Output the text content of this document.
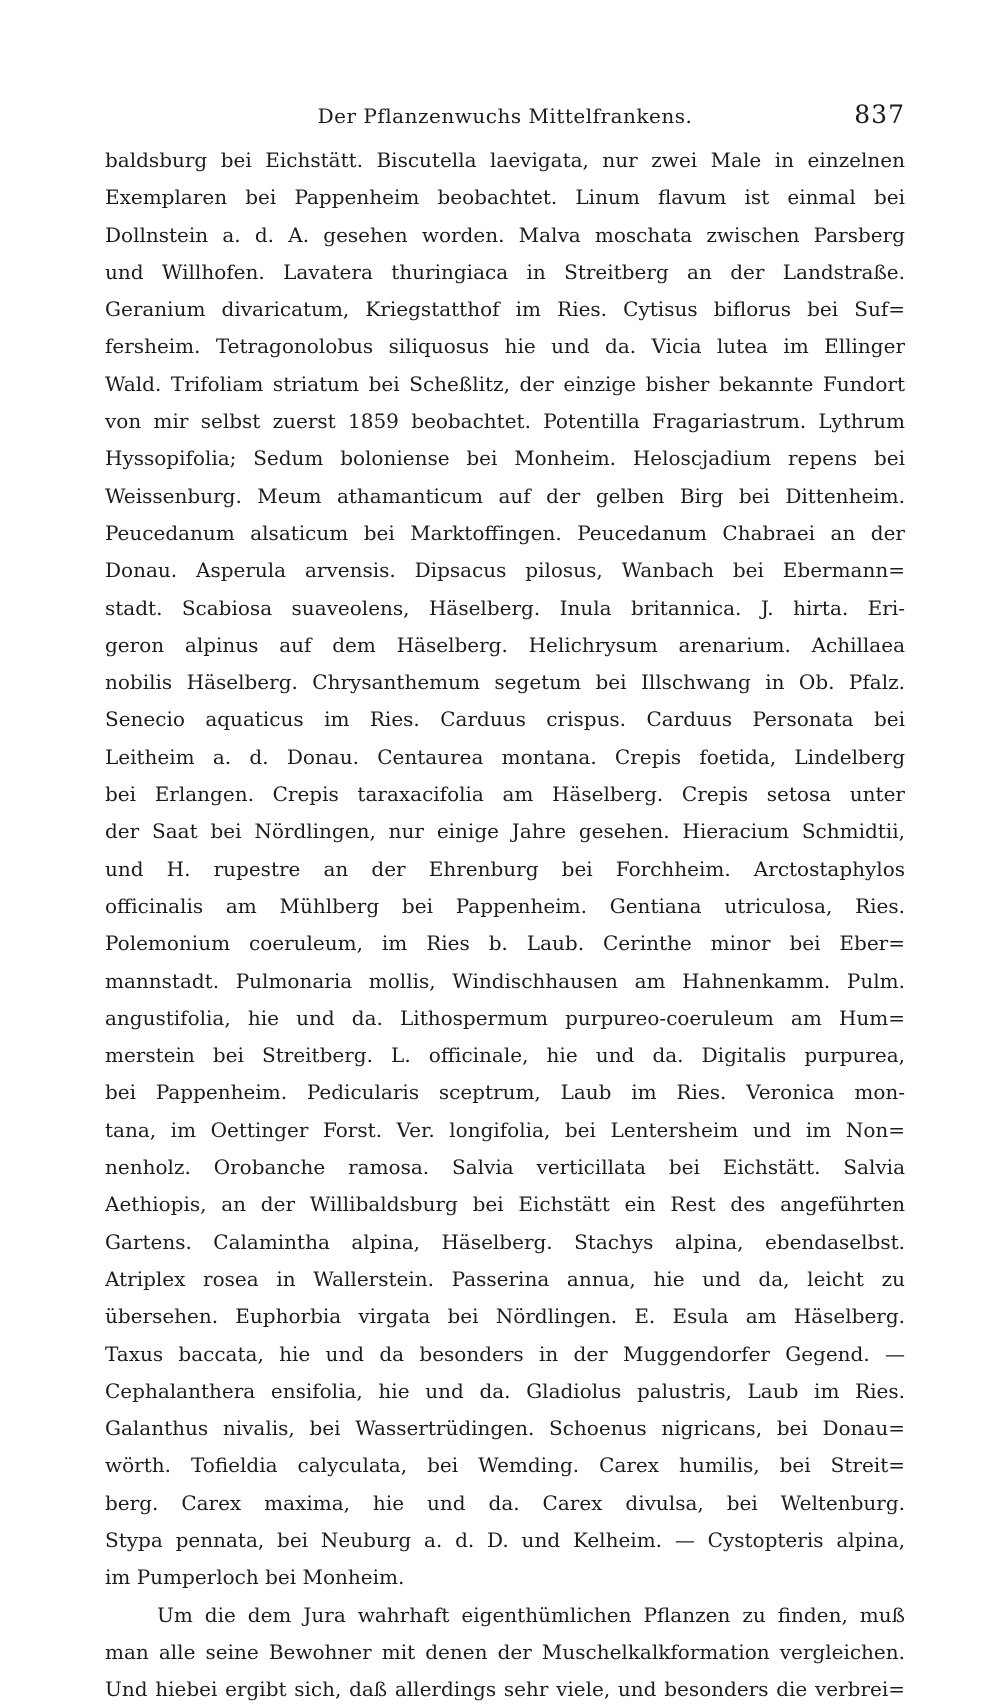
Der Pflanzenwuchs Mittelfrankens.	837
baldsburg bei Eichstätt. Biscutella laevigata, nur zwei Male in einzelnen
Exemplaren bei Pappenheim beobachtet. Linum flavum ist einmal bei
Dollnstein a. d. A. gesehen worden. Malva moschata zwischen Parsberg
und Willhofen. Lavatera thuringiaca in Streitberg an der Landstraße.
Geranium divaricatum, Kriegstatthof im Ries. Cytisus biflorus bei Suf=
fersheim. Tetragonolobus siliquosus hie und da. Vicia lutea im Ellinger
Wald. Trifoliam striatum bei Scheßlitz, der einzige bisher bekannte Fundort
von mir selbst zuerst 1859 beobachtet. Potentilla Fragariastrum. Lythrum
Hyssopifolia; Sedum boloniense bei Monheim. Heloscjadium repens bei
Weissenburg. Meum athamanticum auf der gelben Birg bei Dittenheim.
Peucedanum alsaticum bei Marktoffingen. Peucedanum Chabraei an der
Donau. Asperula arvensis. Dipsacus pilosus, Wanbach bei Ebermann=
stadt. Scabiosa suaveolens, Häselberg. Inula britannica. J. hirta. Eri-
geron alpinus auf dem Häselberg. Helichrysum arenarium. Achillaea
nobilis Häselberg. Chrysanthemum segetum bei Illschwang in Ob. Pfalz.
Senecio aquaticus im Ries. Carduus crispus. Carduus Personata bei
Leitheim a. d. Donau. Centaurea montana. Crepis foetida, Lindelberg
bei Erlangen. Crepis taraxacifolia am Häselberg. Crepis setosa unter
der Saat bei Nördlingen, nur einige Jahre gesehen. Hieracium Schmidtii,
und H. rupestre an der Ehrenburg bei Forchheim. Arctostaphylos
officinalis am Mühlberg bei Pappenheim. Gentiana utriculosa, Ries.
Polemonium coeruleum, im Ries b. Laub. Cerinthe minor bei Eber=
mannstadt. Pulmonaria mollis, Windischhausen am Hahnenkamm. Pulm.
angustifolia, hie und da. Lithospermum purpureo-coeruleum am Hum=
merstein bei Streitberg. L. officinale, hie und da. Digitalis purpurea,
bei Pappenheim. Pedicularis sceptrum, Laub im Ries. Veronica mon-
tana, im Oettinger Forst. Ver. longifolia, bei Lentersheim und im Non=
nenholz. Orobanche ramosa. Salvia verticillata bei Eichstätt. Salvia
Aethiopis, an der Willibaldsburg bei Eichstätt ein Rest des angeführten
Gartens. Calamintha alpina, Häselberg. Stachys alpina, ebendaselbst.
Atriplex rosea in Wallerstein. Passerina annua, hie und da, leicht zu
übersehen. Euphorbia virgata bei Nördlingen. E. Esula am Häselberg.
Taxus baccata, hie und da besonders in der Muggendorfer Gegend. —
Cephalanthera ensifolia, hie und da. Gladiolus palustris, Laub im Ries.
Galanthus nivalis, bei Wassertrüdingen. Schoenus nigricans, bei Donau=
wörth. Tofieldia calyculata, bei Wemding. Carex humilis, bei Streit=
berg. Carex maxima, hie und da. Carex divulsa, bei Weltenburg.
Stypa pennata, bei Neuburg a. d. D. und Kelheim. — Cystopteris alpina,
im Pumperloch bei Monheim.
Um die dem Jura wahrhaft eigenthümlichen Pflanzen zu finden, muß
man alle seine Bewohner mit denen der Muschelkalkformation vergleichen.
Und hiebei ergibt sich, daß allerdings sehr viele, und besonders die verbrei=
